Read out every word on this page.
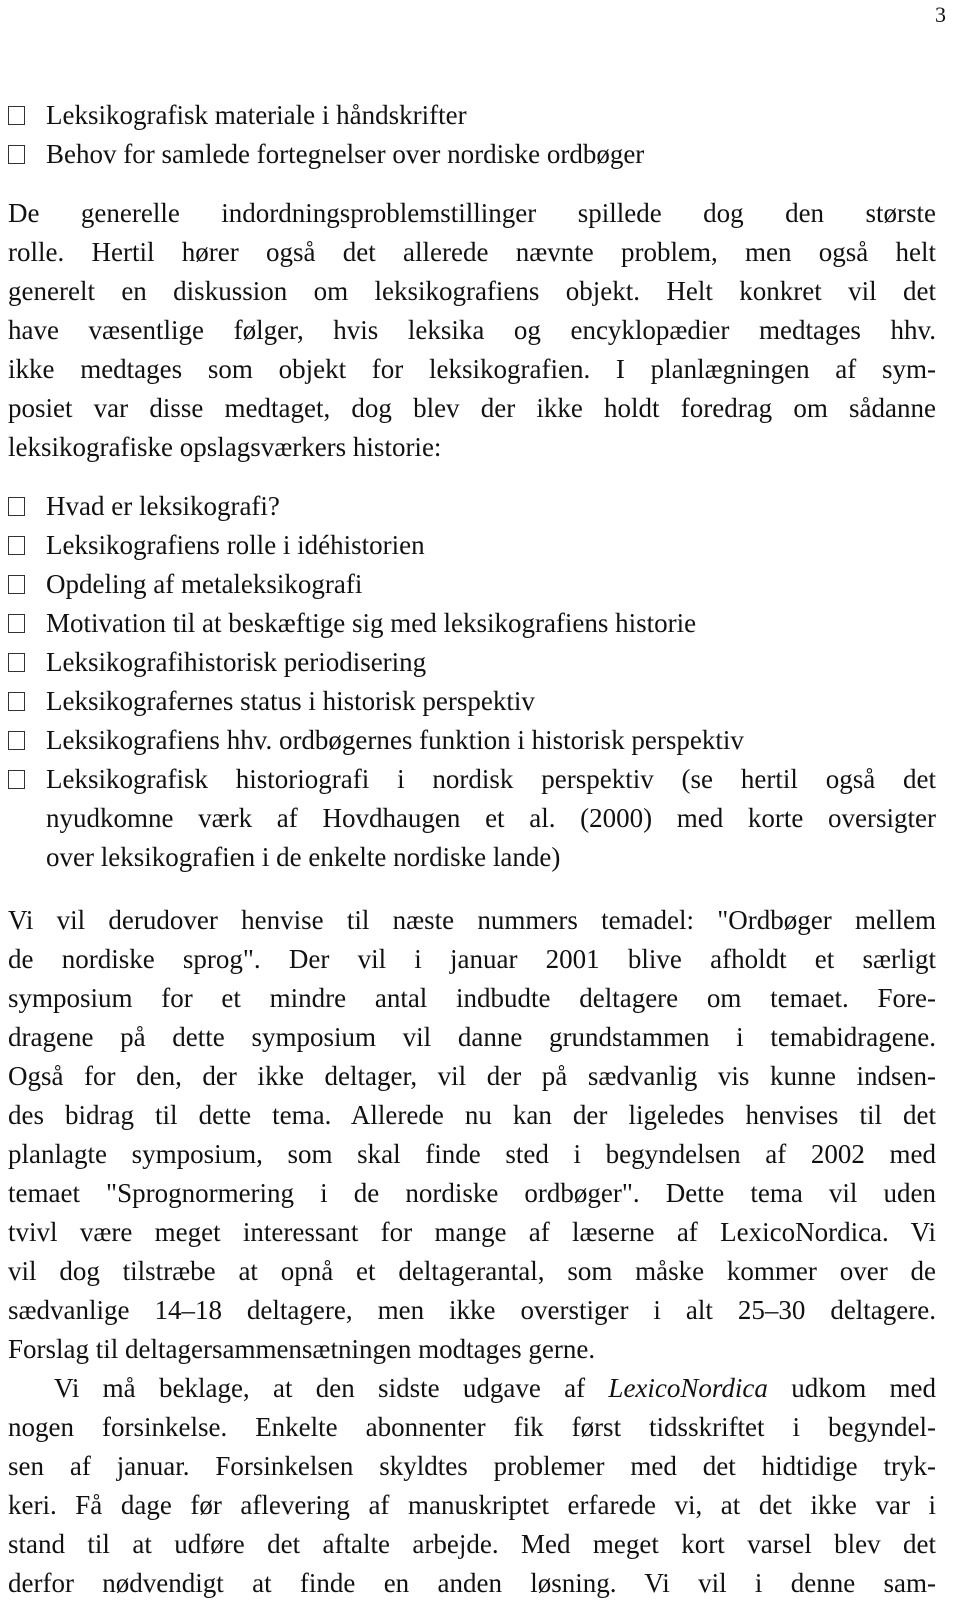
3
Leksikografisk materiale i håndskrifter
Behov for samlede fortegnelser over nordiske ordbøger
De generelle indordningsproblemstillinger spillede dog den største
rolle. Hertil hører også det allerede nævnte problem, men også helt
generelt en diskussion om leksikografiens objekt. Helt konkret vil det
have væsentlige følger, hvis leksika og encyklopædier medtages hhv.
ikke medtages som objekt for leksikografien. I planlægningen af sym-
posiet var disse medtaget, dog blev der ikke holdt foredrag om sådanne
leksikografiske opslagsværkers historie:
Hvad er leksikografi?
Leksikografiens rolle i idéhistorien
Opdeling af metaleksikografi
Motivation til at beskæftige sig med leksikografiens historie
Leksikografihistorisk periodisering
Leksikografernes status i historisk perspektiv
Leksikografiens hhv. ordbøgernes funktion i historisk perspektiv
Leksikografisk historiografi i nordisk perspektiv (se hertil også det
nyudkomne værk af Hovdhaugen et al. (2000) med korte oversigter
over leksikografien i de enkelte nordiske lande)
Vi vil derudover henvise til næste nummers temadel: "Ordbøger mellem
de nordiske sprog". Der vil i januar 2001 blive afholdt et særligt
symposium for et mindre antal indbudte deltagere om temaet. Fore-
dragene på dette symposium vil danne grundstammen i temabidragene.
Også for den, der ikke deltager, vil der på sædvanlig vis kunne indsen-
des bidrag til dette tema. Allerede nu kan der ligeledes henvises til det
planlagte symposium, som skal finde sted i begyndelsen af 2002 med
temaet "Sprognormering i de nordiske ordbøger". Dette tema vil uden
tvivl være meget interessant for mange af læserne af LexicoNordica. Vi
vil dog tilstræbe at opnå et deltagerantal, som måske kommer over de
sædvanlige 14–18 deltagere, men ikke overstiger i alt 25–30 deltagere.
Forslag til deltagersammensætningen modtages gerne.
Vi må beklage, at den sidste udgave af LexicoNordica udkom med
nogen forsinkelse. Enkelte abonnenter fik først tidsskriftet i begyndel-
sen af januar. Forsinkelsen skyldtes problemer med det hidtidige tryk-
keri. Få dage før aflevering af manuskriptet erfarede vi, at det ikke var i
stand til at udføre det aftalte arbejde. Med meget kort varsel blev det
derfor nødvendigt at finde en anden løsning. Vi vil i denne sam-
